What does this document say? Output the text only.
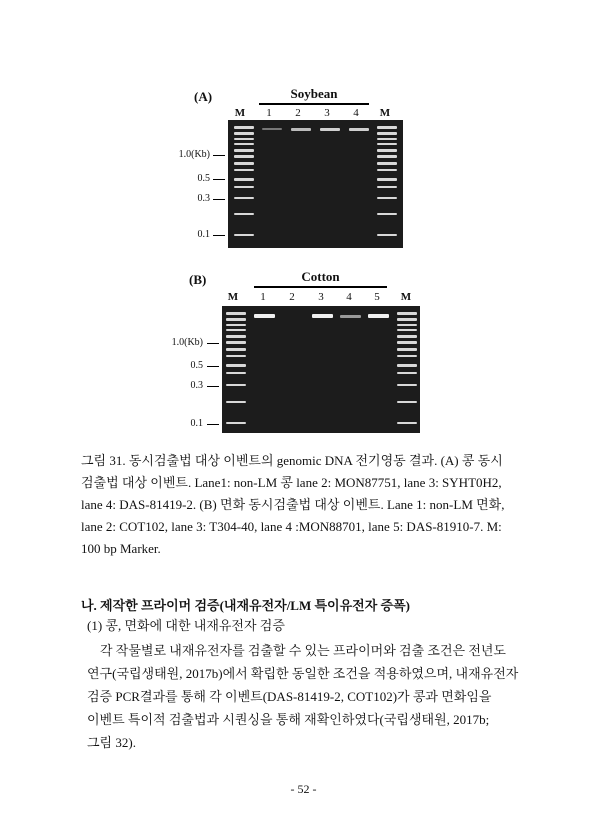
(A)	Soybean
M	1	2	3	4	M
1.0(Kb)
0.5
0.3
0.1
(B)	Cotton
M	1	2	3	4	5	M
1.0(Kb)
0.5
0.3
0.1
그림 31. 동시검출법 대상 이벤트의 genomic DNA 전기영동 결과. (A) 콩 동시
검출법 대상 이벤트. Lane1: non-LM 콩 lane 2: MON87751, lane 3: SYHT0H2,
lane 4: DAS-81419-2. (B) 면화 동시검출법 대상 이벤트. Lane 1: non-LM 면화,
lane 2: COT102, lane 3: T304-40, lane 4 :MON88701, lane 5: DAS-81910-7. M:
100 bp Marker.
나. 제작한 프라이머 검증(내재유전자/LM 특이유전자 증폭)
(1) 콩, 면화에 대한 내재유전자 검증
각 작물별로 내재유전자를 검출할 수 있는 프라이머와 검출 조건은 전년도
연구(국립생태원, 2017b)에서 확립한 동일한 조건을 적용하였으며, 내재유전자
검증 PCR결과를 통해 각 이벤트(DAS-81419-2, COT102)가 콩과 면화임을
이벤트 특이적 검출법과 시퀀싱을 통해 재확인하였다(국립생태원, 2017b;
그림 32).
- 52 -
